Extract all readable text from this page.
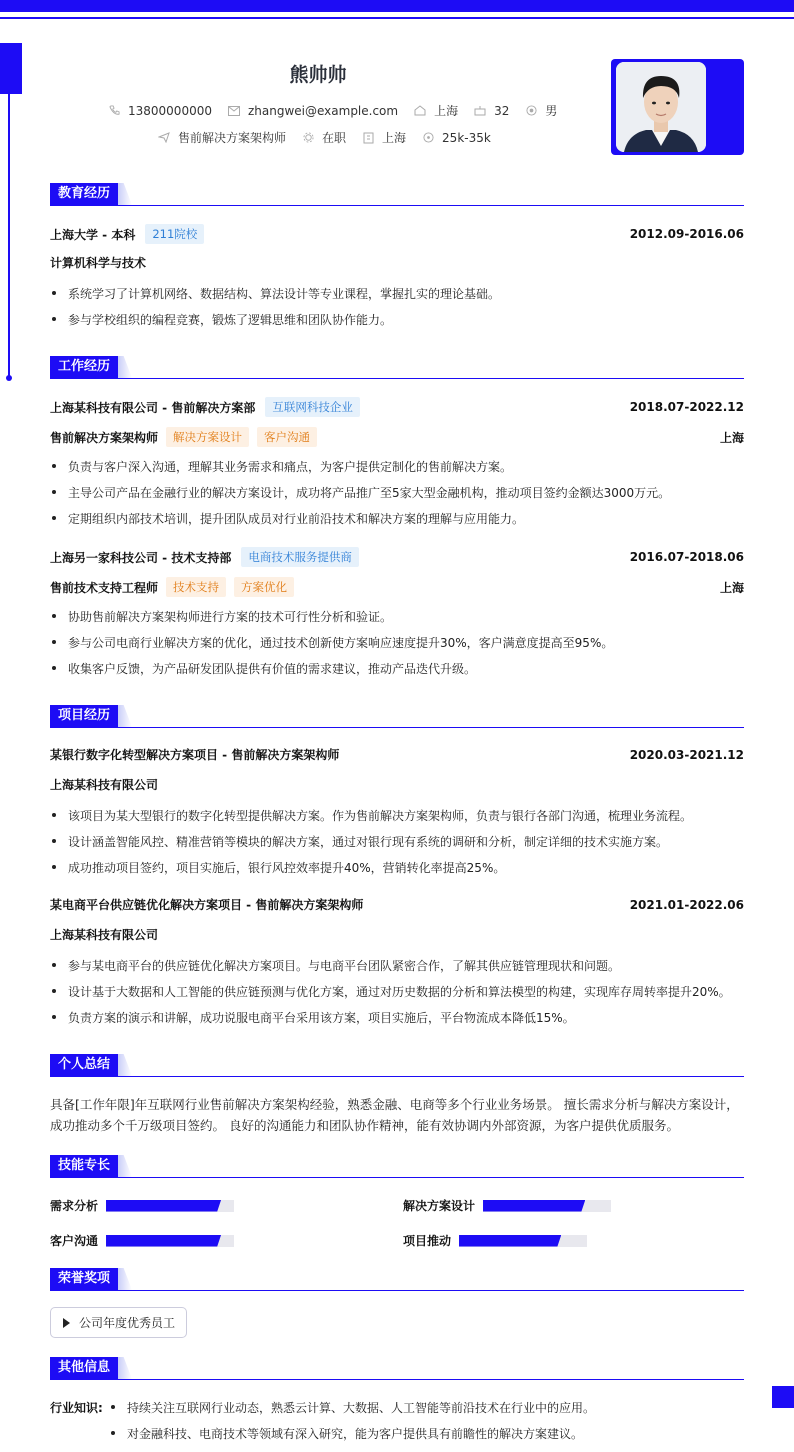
熊帅帅
13800000000	zhangwei@example.com	上海	32	男
售前解决方案架构师	在职	上海	25k-35k
教育经历
上海大学 - 本科	211院校	2012.09-2016.06
计算机科学与技术
系统学习了计算机网络、数据结构、算法设计等专业课程，掌握扎实的理论基础。
参与学校组织的编程竞赛，锻炼了逻辑思维和团队协作能力。
工作经历
上海某科技有限公司 - 售前解决方案部	互联网科技企业	2018.07-2022.12
售前解决方案架构师	解决方案设计	客户沟通	上海
负责与客户深入沟通，理解其业务需求和痛点，为客户提供定制化的售前解决方案。
主导公司产品在金融行业的解决方案设计，成功将产品推广至5家大型金融机构，推动项目签约金额达3000万元。
定期组织内部技术培训，提升团队成员对行业前沿技术和解决方案的理解与应用能力。
上海另一家科技公司 - 技术支持部	电商技术服务提供商	2016.07-2018.06
售前技术支持工程师	技术支持	方案优化	上海
协助售前解决方案架构师进行方案的技术可行性分析和验证。
参与公司电商行业解决方案的优化，通过技术创新使方案响应速度提升30%，客户满意度提高至95%。
收集客户反馈，为产品研发团队提供有价值的需求建议，推动产品迭代升级。
项目经历
某银行数字化转型解决方案项目 - 售前解决方案架构师	2020.03-2021.12
上海某科技有限公司
该项目为某大型银行的数字化转型提供解决方案。作为售前解决方案架构师，负责与银行各部门沟通，梳理业务流程。
设计涵盖智能风控、精准营销等模块的解决方案，通过对银行现有系统的调研和分析，制定详细的技术实施方案。
成功推动项目签约，项目实施后，银行风控效率提升40%，营销转化率提高25%。
某电商平台供应链优化解决方案项目 - 售前解决方案架构师	2021.01-2022.06
上海某科技有限公司
参与某电商平台的供应链优化解决方案项目。与电商平台团队紧密合作，了解其供应链管理现状和问题。
设计基于大数据和人工智能的供应链预测与优化方案，通过对历史数据的分析和算法模型的构建，实现库存周转率提升20%。
负责方案的演示和讲解，成功说服电商平台采用该方案，项目实施后，平台物流成本降低15%。
个人总结
具备[工作年限]年互联网行业售前解决方案架构经验，熟悉金融、电商等多个行业业务场景。 擅长需求分析与解决方案设计，成功推动多个千万级项目签约。 良好的沟通能力和团队协作精神，能有效协调内外部资源，为客户提供优质服务。
技能专长
需求分析	解决方案设计
客户沟通	项目推动
荣誉奖项
公司年度优秀员工
其他信息
行业知识: 持续关注互联网行业动态，熟悉云计算、大数据、人工智能等前沿技术在行业中的应用。
对金融科技、电商技术等领域有深入研究，能为客户提供具有前瞻性的解决方案建议。
